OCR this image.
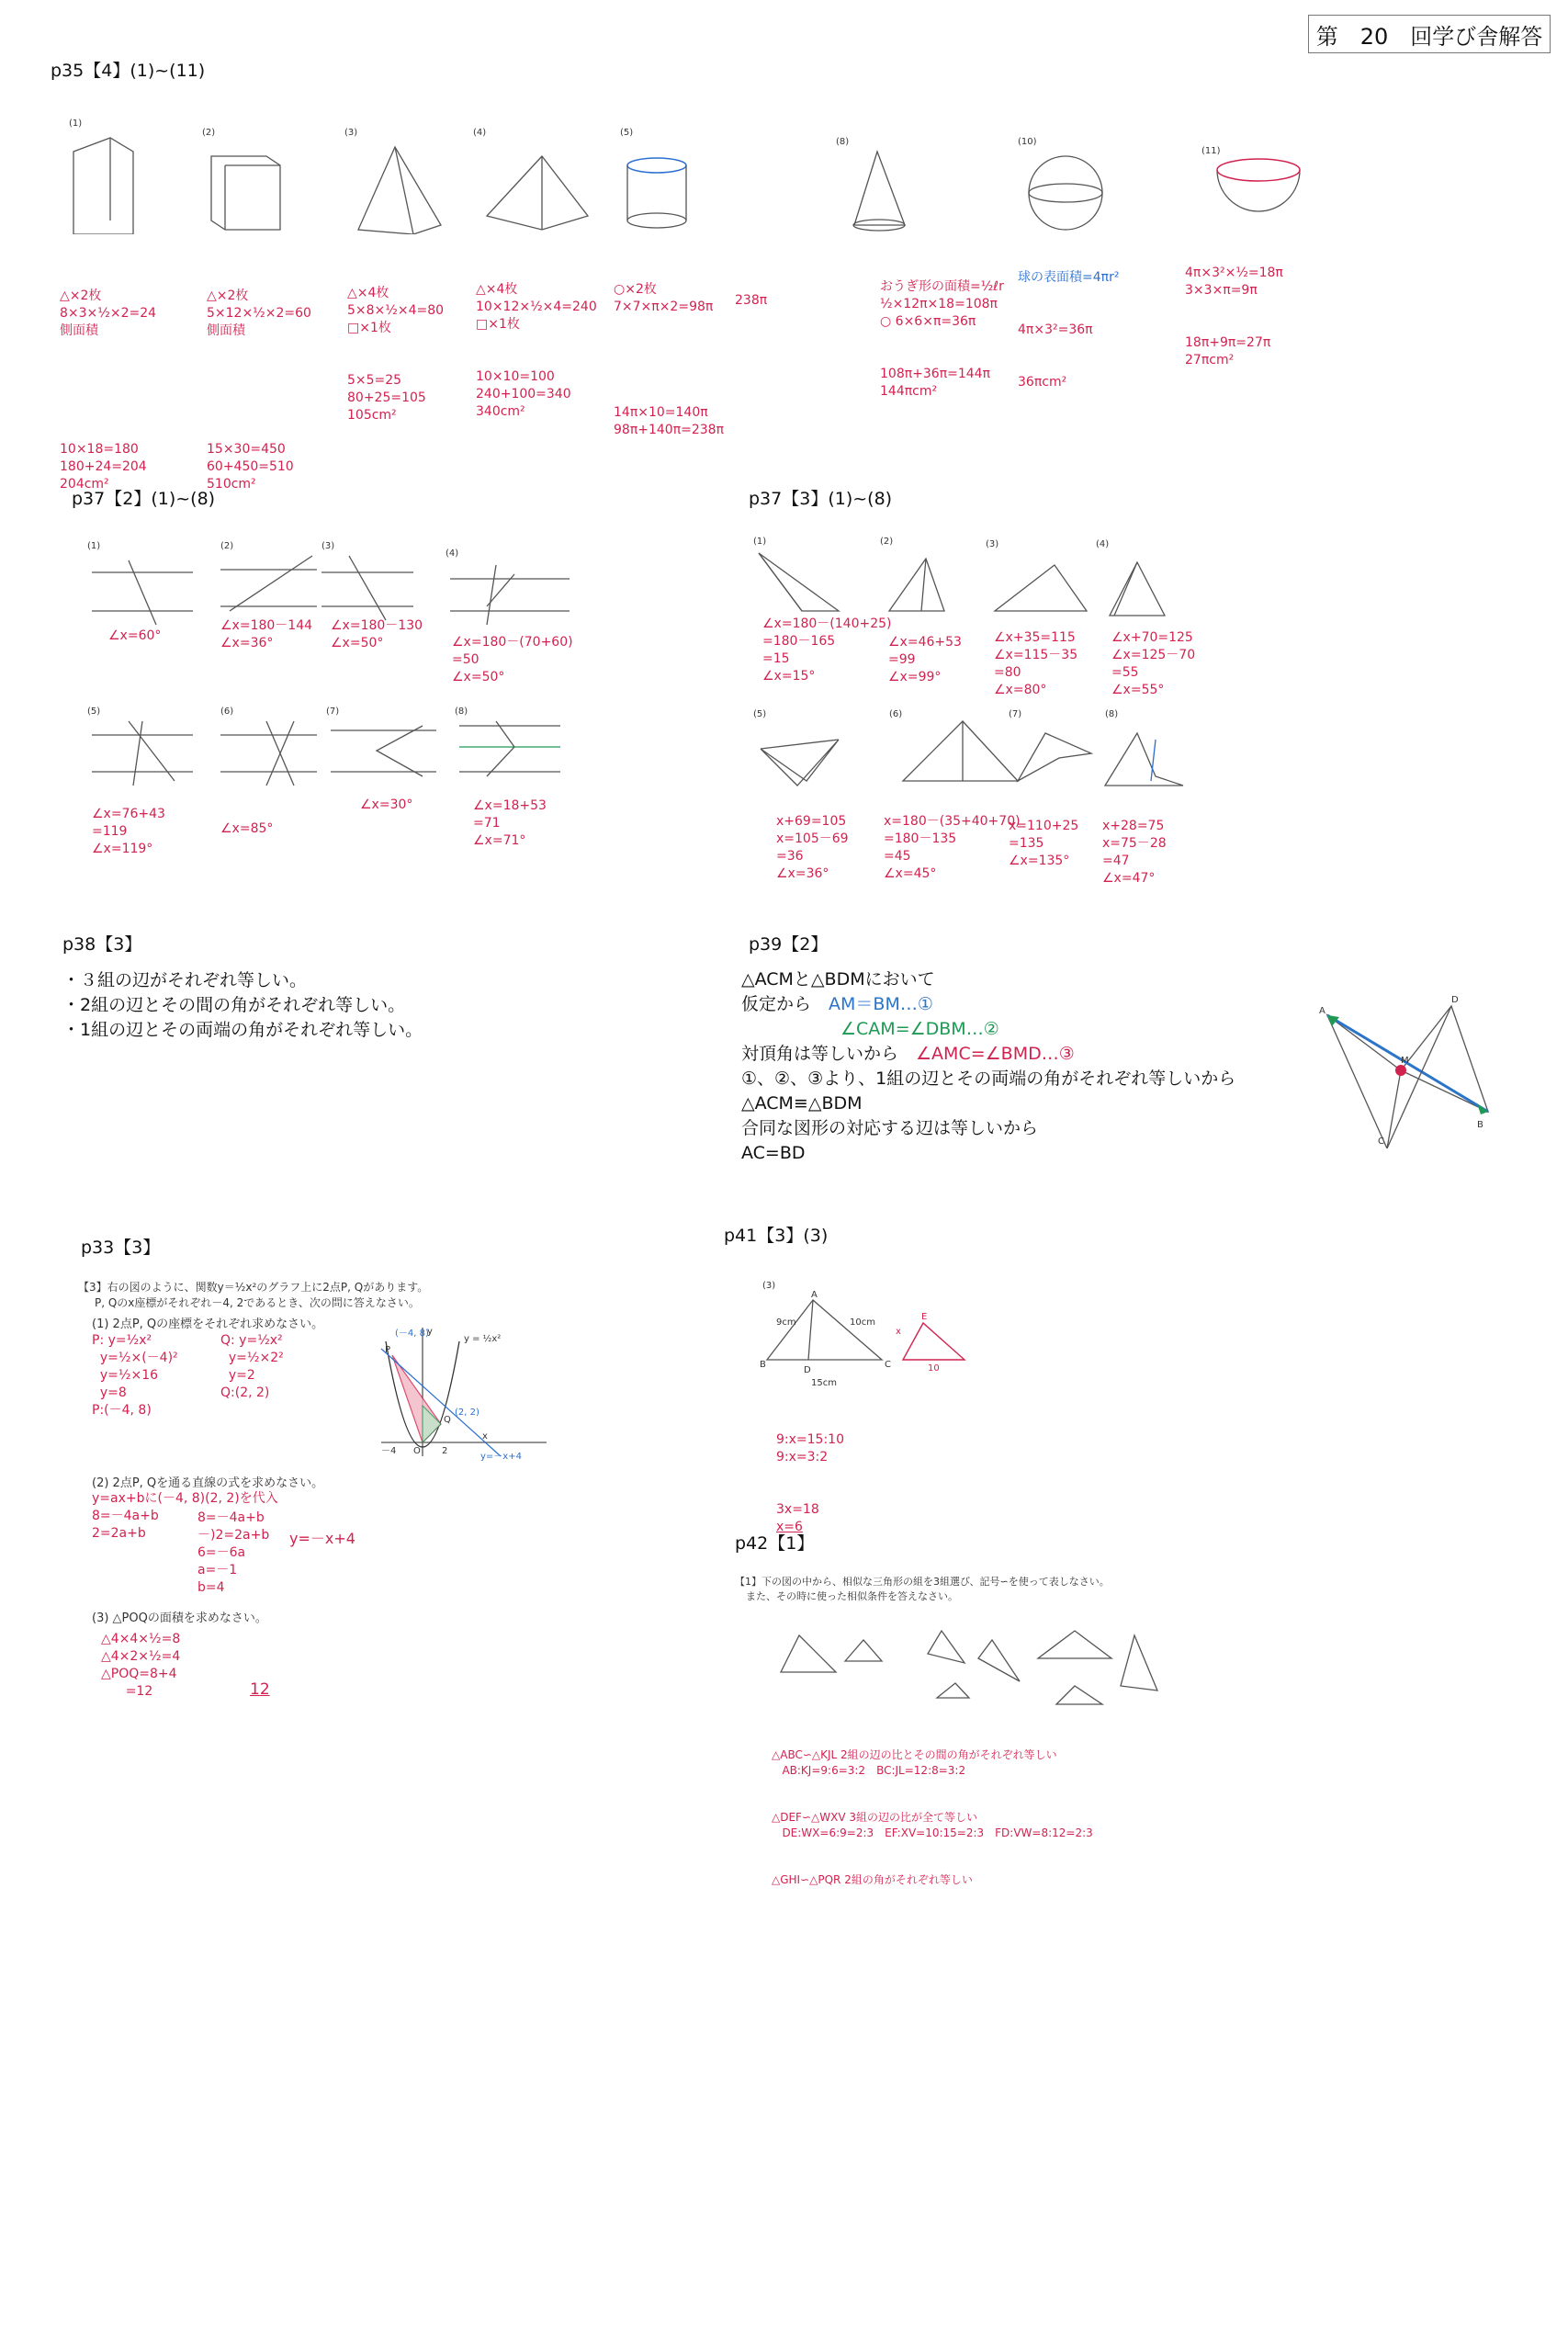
第　20　回学び舎解答
p35【4】(1)~(11)
(1)
(2)	(3)	(4)	(5)
(8)	(10)
(11)

△×2枚
8×3×½×2=24
側面積

10×18=180
180+24=204
204cm²

△×2枚
5×12×½×2=60
側面積

15×30=450
60+450=510
510cm²

△×4枚
5×8×½×4=80
□×1枚

5×5=25
80+25=105
105cm²

△×4枚
10×12×½×4=240
□×1枚

10×10=100
240+100=340
340cm²

○×2枚
7×7×π×2=98π

14π×10=140π
98π+140π=238π

238π

おうぎ形の面積=½ℓr
½×12π×18=108π
○ 6×6×π=36π

108π+36π=144π
144πcm²

球の表面積=4πr²

4π×3²=36π

36πcm²

4π×3²×½=18π
3×3×π=9π

18π+9π=27π
27πcm²

p37【2】(1)~(8)
(1)	(2)	(3)
(4)
(5)	(6)	(7)	(8)
∠x=60°
∠x=180－144
∠x=36°
∠x=180－130
∠x=50°	∠x=180－(70+60)
=50
∠x=50°
∠x=76+43
=119
∠x=119°
∠x=85°
∠x=30°	∠x=18+53
=71
∠x=71°
p37【3】(1)~(8)
(1)	(2)	(3)	(4)
(5)	(6)	(7)	(8)
∠x=180－(140+25)
=180－165
=15
∠x=15°
∠x=46+53
=99
∠x=99°
∠x+35=115
∠x=115－35
=80
∠x=80°
∠x+70=125
∠x=125－70
=55
∠x=55°
x+69=105
x=105－69
=36
∠x=36°
x=180－(35+40+70)
=180－135
=45
∠x=45°
x=110+25
=135
∠x=135°
x+28=75
x=75－28
=47
∠x=47°
p38【3】
・３組の辺がそれぞれ等しい。
・2組の辺とその間の角がそれぞれ等しい。
・1組の辺とその両端の角がそれぞれ等しい。
p39【2】
△ACMと△BDMにおいて
仮定から　AM＝BM…①
∠CAM=∠DBM…②
対頂角は等しいから　∠AMC=∠BMD…③
①、②、③より、1組の辺とその両端の角がそれぞれ等しいから
△ACM≡△BDM
合同な図形の対応する辺は等しいから
AC=BD
A
B
C
D
M
p33【3】
【3】右の図のように、関数y＝½x²のグラフ上に2点P, Qがあります。
P, Qのx座標がそれぞれ－4, 2であるとき、次の問に答えなさい。
(1) 2点P, Qの座標をそれぞれ求めなさい。
P: y=½x²
y=½×(－4)²
y=½×16
y=8
P:(－4, 8)
Q: y=½x²
y=½×2²
y=2
Q:(2, 2)
y
y = ½x²
P
(－4, 8)
Q
(2, 2)
O
－4	2
x
y=－x+4
(2) 2点P, Qを通る直線の式を求めなさい。
y=ax+bに(－4, 8)(2, 2)を代入
8=－4a+b
2=2a+b
8=－4a+b
－)2=2a+b
6=－6a
a=－1
b=4
y=－x+4
(3) △POQの面積を求めなさい。
△4×4×½=8
△4×2×½=4
△POQ=8+4
=12	12
p41【3】(3)
(3)
A
B	C
D
9cm	10cm
15cm
E
x
10

9:x=15:10
9:x=3:2

3x=18
x=6

p42【1】
【1】下の図の中から、相似な三角形の組を3組選び、記号∽を使って表しなさい。
また、その時に使った相似条件を答えなさい。

△ABC∽△KJL 2組の辺の比とその間の角がそれぞれ等しい
AB:KJ=9:6=3:2　BC:JL=12:8=3:2

△DEF∽△WXV 3組の辺の比が全て等しい
DE:WX=6:9=2:3　EF:XV=10:15=2:3　FD:VW=8:12=2:3

△GHI∽△PQR 2組の角がそれぞれ等しい
